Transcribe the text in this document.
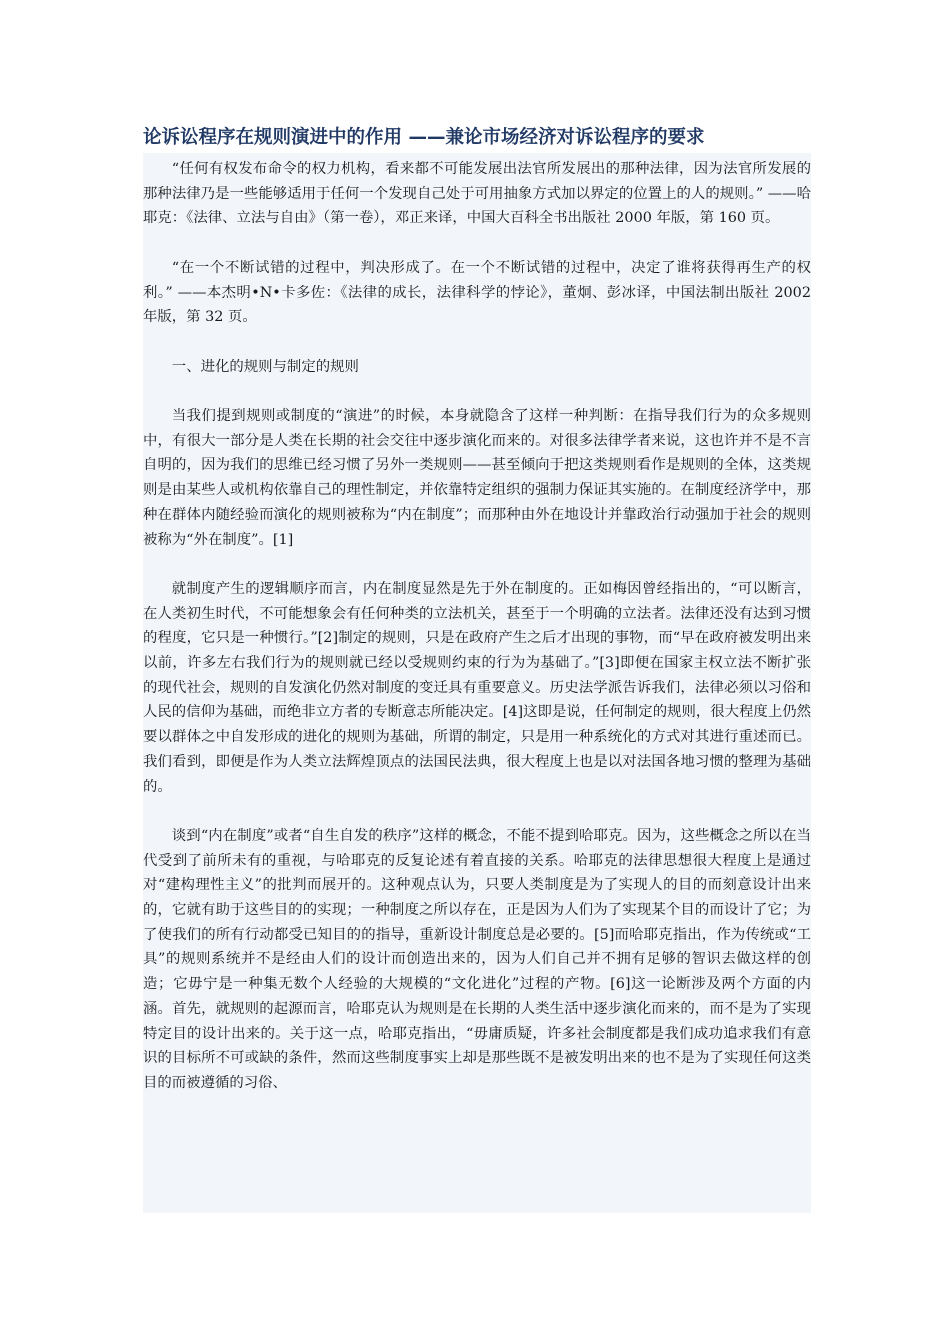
论诉讼程序在规则演进中的作用 ——兼论市场经济对诉讼程序的要求

“任何有权发布命令的权力机构，看来都不可能发展出法官所发展出的那种法律，因为法官所发展的那种法律乃是一些能够适用于任何一个发现自己处于可用抽象方式加以界定的位置上的人的规则。” ——哈耶克：《法律、立法与自由》（第一卷），邓正来译，中国大百科全书出版社 2000 年版，第 160 页。

“在一个不断试错的过程中，判决形成了。在一个不断试错的过程中，决定了谁将获得再生产的权利。” ——本杰明•N•卡多佐：《法律的成长，法律科学的悖论》，董炯、彭冰译，中国法制出版社 2002 年版，第 32 页。

一、进化的规则与制定的规则

当我们提到规则或制度的“演进”的时候，本身就隐含了这样一种判断：在指导我们行为的众多规则中，有很大一部分是人类在长期的社会交往中逐步演化而来的。对很多法律学者来说，这也许并不是不言自明的，因为我们的思维已经习惯了另外一类规则——甚至倾向于把这类规则看作是规则的全体，这类规则是由某些人或机构依靠自己的理性制定，并依靠特定组织的强制力保证其实施的。在制度经济学中，那种在群体内随经验而演化的规则被称为“内在制度”；而那种由外在地设计并靠政治行动强加于社会的规则被称为“外在制度”。[1]

就制度产生的逻辑顺序而言，内在制度显然是先于外在制度的。正如梅因曾经指出的，“可以断言，在人类初生时代，不可能想象会有任何种类的立法机关，甚至于一个明确的立法者。法律还没有达到习惯的程度，它只是一种惯行。”[2]制定的规则，只是在政府产生之后才出现的事物，而“早在政府被发明出来以前，许多左右我们行为的规则就已经以受规则约束的行为为基础了。”[3]即便在国家主权立法不断扩张的现代社会，规则的自发演化仍然对制度的变迁具有重要意义。历史法学派告诉我们，法律必须以习俗和人民的信仰为基础，而绝非立方者的专断意志所能决定。[4]这即是说，任何制定的规则，很大程度上仍然要以群体之中自发形成的进化的规则为基础，所谓的制定，只是用一种系统化的方式对其进行重述而已。我们看到，即便是作为人类立法辉煌顶点的法国民法典，很大程度上也是以对法国各地习惯的整理为基础的。

谈到“内在制度”或者“自生自发的秩序”这样的概念，不能不提到哈耶克。因为，这些概念之所以在当代受到了前所未有的重视，与哈耶克的反复论述有着直接的关系。哈耶克的法律思想很大程度上是通过对“建构理性主义”的批判而展开的。这种观点认为，只要人类制度是为了实现人的目的而刻意设计出来的，它就有助于这些目的的实现；一种制度之所以存在，正是因为人们为了实现某个目的而设计了它；为了使我们的所有行动都受已知目的的指导，重新设计制度总是必要的。[5]而哈耶克指出，作为传统或“工具”的规则系统并不是经由人们的设计而创造出来的，因为人们自己并不拥有足够的智识去做这样的创造；它毋宁是一种集无数个人经验的大规模的“文化进化”过程的产物。[6]这一论断涉及两个方面的内涵。首先，就规则的起源而言，哈耶克认为规则是在长期的人类生活中逐步演化而来的，而不是为了实现特定目的设计出来的。关于这一点，哈耶克指出，“毋庸质疑，许多社会制度都是我们成功追求我们有意识的目标所不可或缺的条件，然而这些制度事实上却是那些既不是被发明出来的也不是为了实现任何这类目的而被遵循的习俗、
